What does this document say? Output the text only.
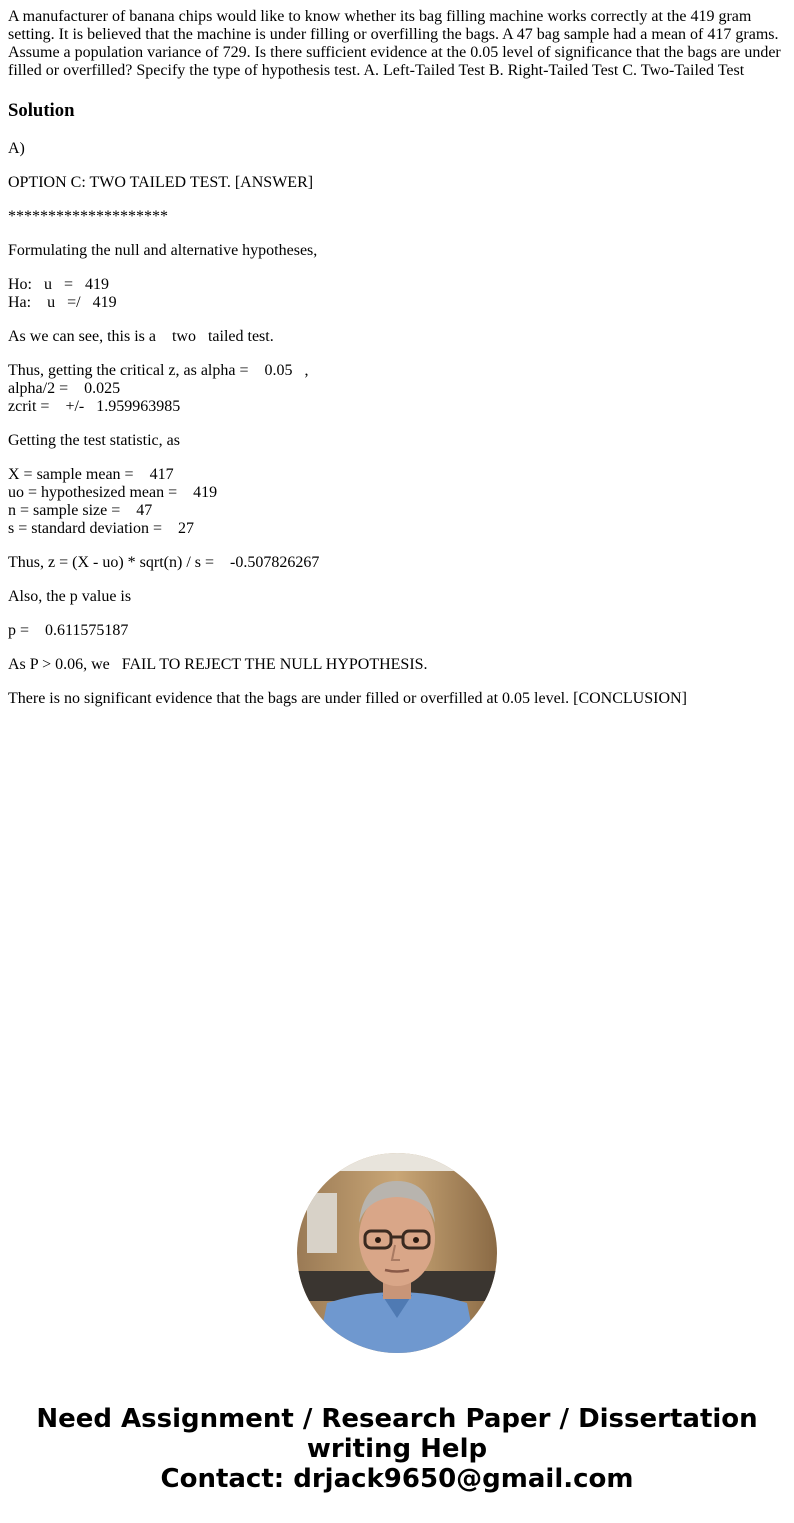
A manufacturer of banana chips would like to know whether its bag filling machine works correctly at the 419 gram setting. It is believed that the machine is under filling or overfilling the bags. A 47 bag sample had a mean of 417 grams. Assume a population variance of 729. Is there sufficient evidence at the 0.05 level of significance that the bags are under filled or overfilled? Specify the type of hypothesis test. A. Left-Tailed Test B. Right-Tailed Test C. Two-Tailed Test

Solution
A)
OPTION C: TWO TAILED TEST. [ANSWER]
********************
Formulating the null and alternative hypotheses,
Ho:   u   =   419
Ha:    u   =/   419
As we can see, this is a    two   tailed test.
Thus, getting the critical z, as alpha =    0.05   ,
alpha/2 =    0.025
zcrit =    +/-   1.959963985
Getting the test statistic, as
X = sample mean =    417
uo = hypothesized mean =    419
n = sample size =    47
s = standard deviation =    27
Thus, z = (X - uo) * sqrt(n) / s =    -0.507826267
Also, the p value is
p =    0.611575187
As P > 0.06, we   FAIL TO REJECT THE NULL HYPOTHESIS.
There is no significant evidence that the bags are under filled or overfilled at 0.05 level. [CONCLUSION]
Need Assignment / Research Paper / Dissertation
writing Help
Contact: drjack9650@gmail.com
